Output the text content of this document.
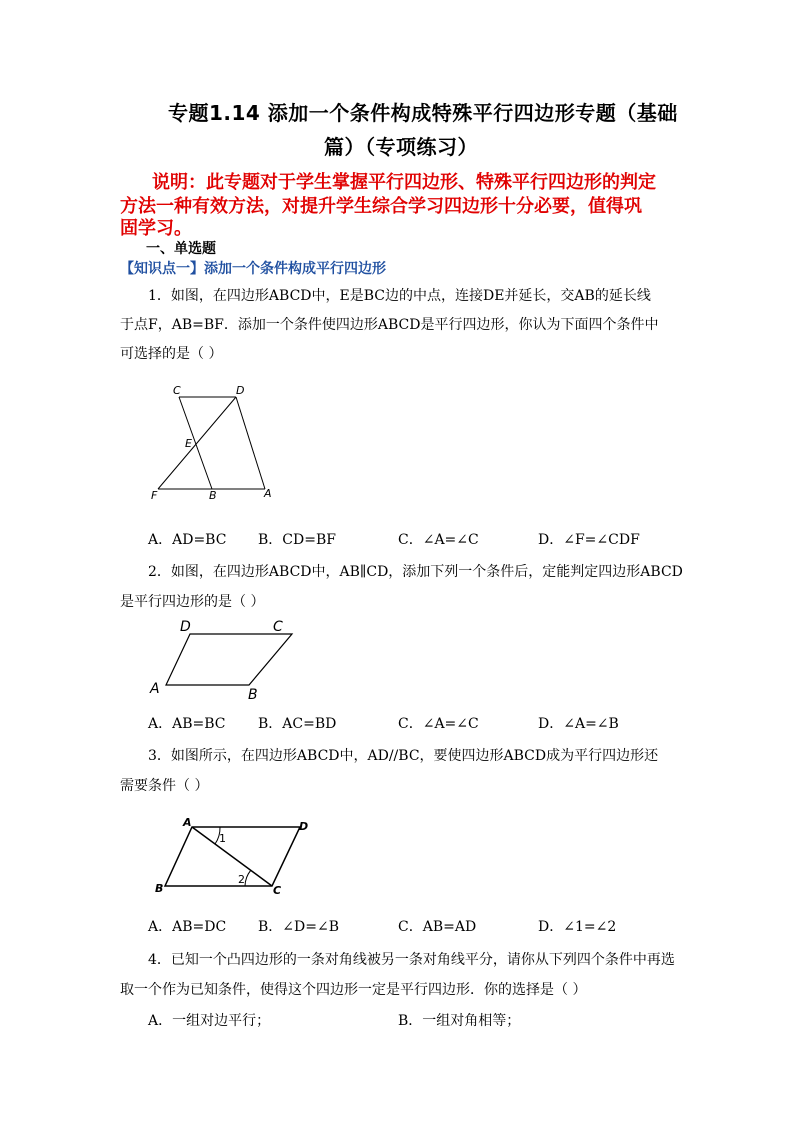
专题1.14 添加一个条件构成特殊平行四边形专题（基础
篇）（专项练习）
说明：此专题对于学生掌握平行四边形、特殊平行四边形的判定
方法一种有效方法，对提升学生综合学习四边形十分必要，值得巩
固学习。
一、单选题
【知识点一】添加一个条件构成平行四边形
1．如图，在四边形ABCD中，E是BC边的中点，连接DE并延长，交AB的延长线
于点F，AB=BF．添加一个条件使四边形ABCD是平行四边形，你认为下面四个条件中
可选择的是（ ）
C	D
E
F	B	A
A．AD=BC B．CD=BF	C．∠A=∠C	D．∠F=∠CDF
2．如图，在四边形ABCD中，AB∥CD，添加下列一个条件后，定能判定四边形ABCD
是平行四边形的是（ ）
D	C
A	B
A．AB=BC B．AC=BD	C．∠A=∠C	D．∠A=∠B
3．如图所示，在四边形ABCD中，AD//BC，要使四边形ABCD成为平行四边形还
需要条件（ ）
A	D
B	C
1
2
A．AB=DC B．∠D=∠B	C．AB=AD	D．∠1=∠2
4．已知一个凸四边形的一条对角线被另一条对角线平分，请你从下列四个条件中再选
取一个作为已知条件，使得这个四边形一定是平行四边形．你的选择是（ ）
A．一组对边平行；	B．一组对角相等；
